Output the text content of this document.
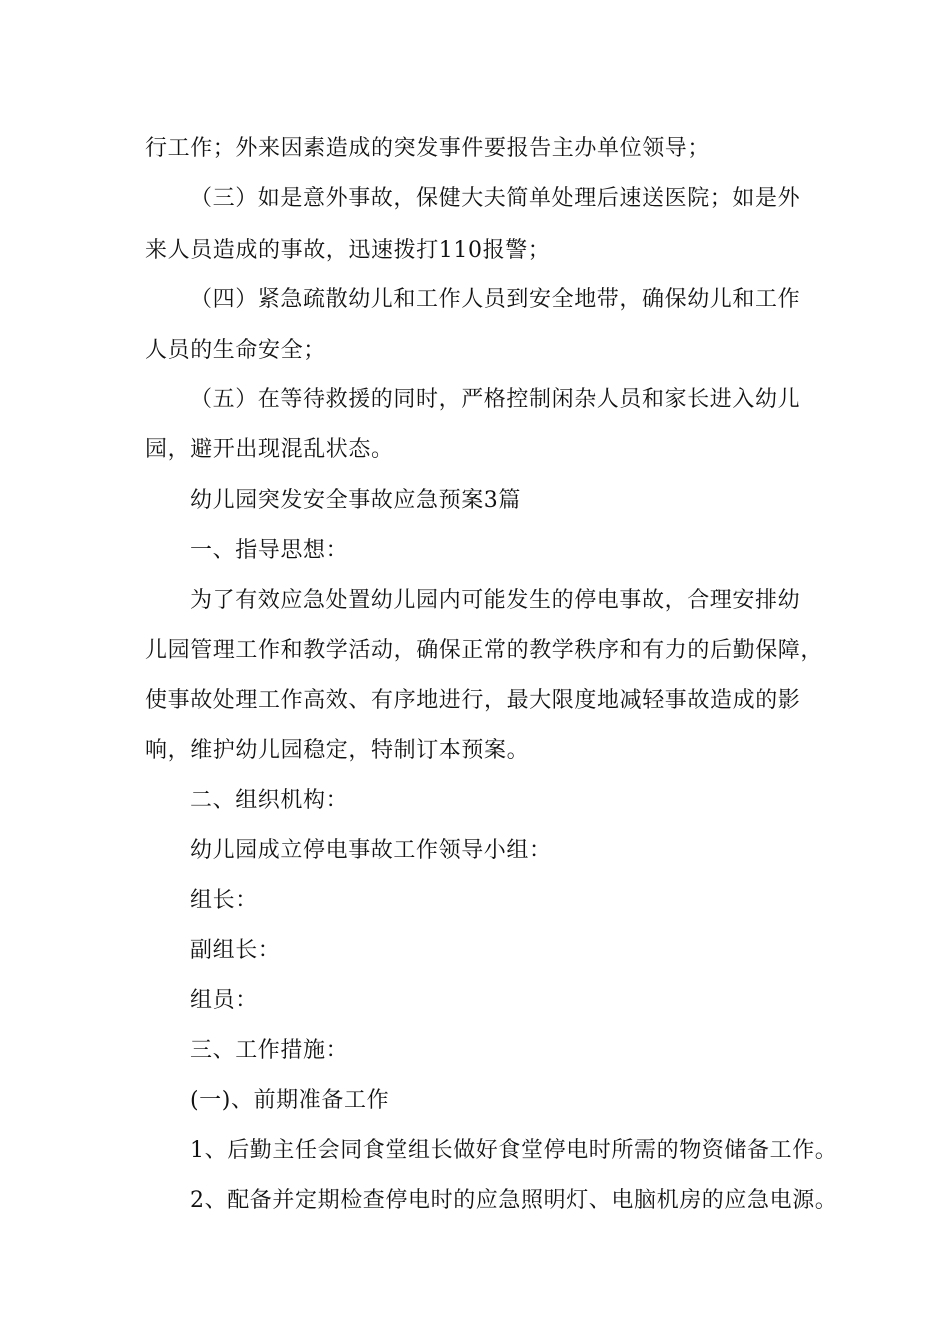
行工作；外来因素造成的突发事件要报告主办单位领导；
（三）如是意外事故，保健大夫简单处理后速送医院；如是外
来人员造成的事故，迅速拨打110报警；
（四）紧急疏散幼儿和工作人员到安全地带，确保幼儿和工作
人员的生命安全；
（五）在等待救援的同时，严格控制闲杂人员和家长进入幼儿
园，避开出现混乱状态。
幼儿园突发安全事故应急预案3篇
一、指导思想：
为了有效应急处置幼儿园内可能发生的停电事故，合理安排幼
儿园管理工作和教学活动，确保正常的教学秩序和有力的后勤保障，
使事故处理工作高效、有序地进行，最大限度地减轻事故造成的影
响，维护幼儿园稳定，特制订本预案。
二、组织机构：
幼儿园成立停电事故工作领导小组：
组长：
副组长：
组员：
三、工作措施：
(一)、前期准备工作
1、后勤主任会同食堂组长做好食堂停电时所需的物资储备工作。
2、配备并定期检查停电时的应急照明灯、电脑机房的应急电源。
